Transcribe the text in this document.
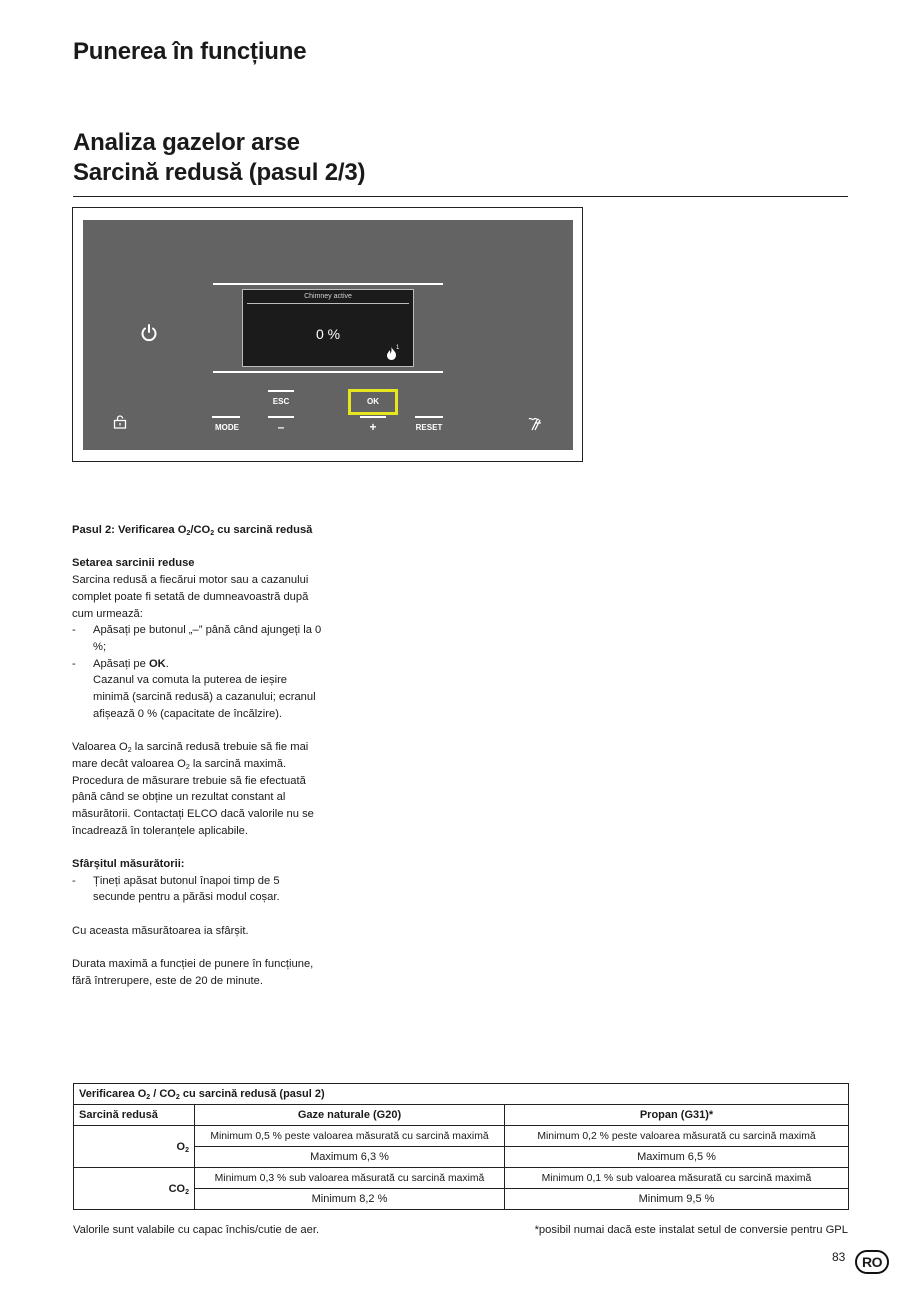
Punerea în funcțiune
Analiza gazelor arse
Sarcină redusă (pasul 2/3)
Chimney active
0 %
1
ESC	OK
MODE	–	+	RESET

Pasul 2: Verificarea $O_2/CO_2$ cu sarcină redusă

Setarea sarcinii reduse

Sarcina redusă a fiecărui motor sau a cazanului complet poate fi setată de dumneavoastră după cum urmează:

- Apăsați pe butonul „–” până când ajungeți la 0 %;
- Apăsați pe OK.
Cazanul va comuta la puterea de ieșire minimă (sarcină redusă) a cazanului; ecranul afișează 0 % (capacitate de încălzire).

Valoarea $O_2$ la sarcină redusă trebuie să fie mai mare decât valoarea $O_2$ la sarcină maximă. Procedura de măsurare trebuie să fie efectuată până când se obține un rezultat constant al măsurătorii. Contactați ELCO dacă valorile nu se încadrează în toleranțele aplicabile.

Sfârșitul măsurătorii:

- Țineți apăsat butonul înapoi timp de 5 secunde pentru a părăsi modul coșar.

Cu aceasta măsurătoarea ia sfârșit.

Durata maximă a funcției de punere în funcțiune, fără întrerupere, este de 20 de minute.

Verificarea $O_2 / CO_2$ cu sarcină redusă (pasul 2)		
Sarcină redusă	Gaze naturale (G20)	Propan (G31)*
$O_2$	Minimum 0,5 % peste valoarea măsurată cu sarcină maximă	Minimum 0,2 % peste valoarea măsurată cu sarcină maximă
	Maximum 6,3 %	Maximum 6,5 %
$CO_2$	Minimum 0,3 % sub valoarea măsurată cu sarcină maximă	Minimum 0,1 % sub valoarea măsurată cu sarcină maximă
	Minimum 8,2 %	Minimum 9,5 %
Valorile sunt valabile cu capac închis/cutie de aer.	*posibil numai dacă este instalat setul de conversie pentru GPL
83	RO
